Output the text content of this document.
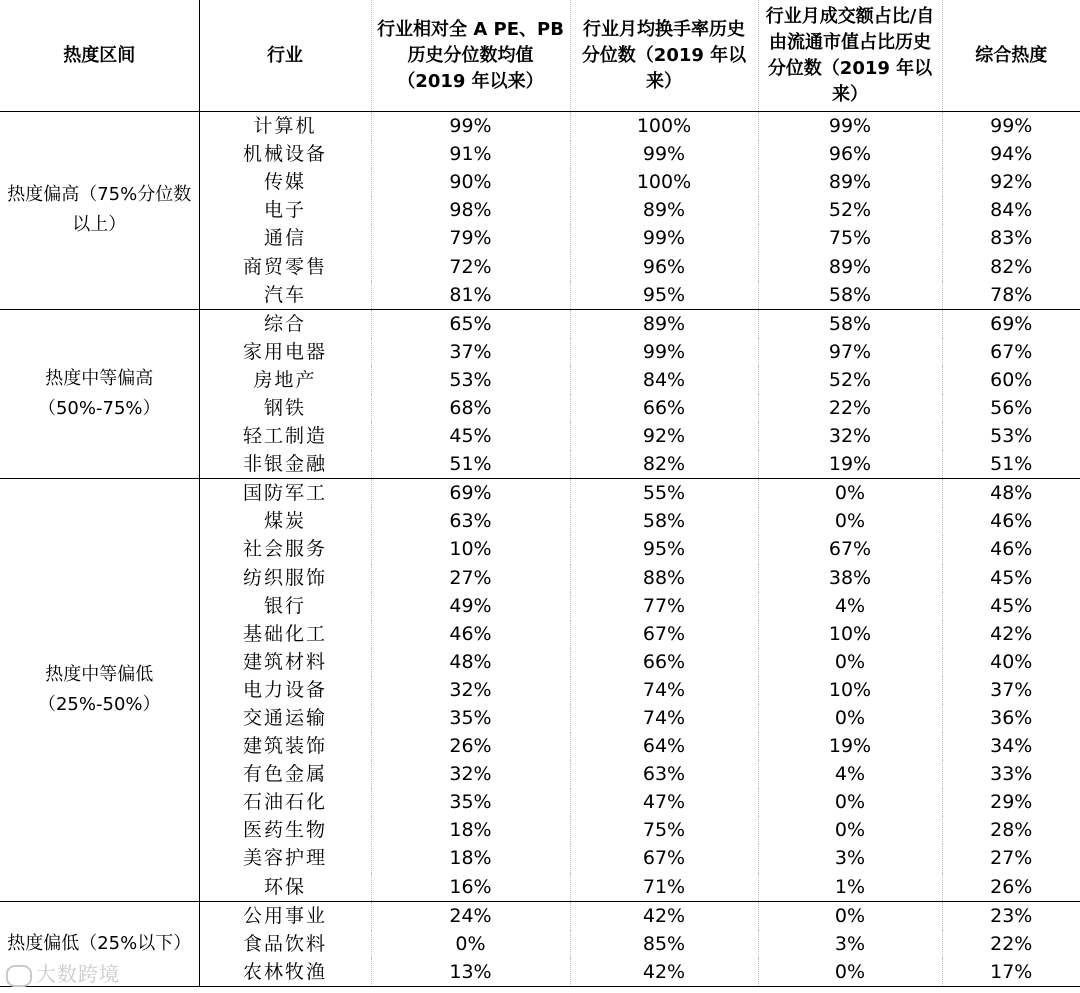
热度区间	行业	行业相对全 A PE、PB 历史分位数均值（2019 年以来）	行业月均换手率历史分位数（2019 年以来）	行业月成交额占比/自由流通市值占比历史分位数（2019 年以来）	综合热度
热度偏高（75%分位数以上）	计算机	99%	100%	99%	99%
	机械设备	91%	99%	96%	94%
	传媒	90%	100%	89%	92%
	电子	98%	89%	52%	84%
	通信	79%	99%	75%	83%
	商贸零售	72%	96%	89%	82%
	汽车	81%	95%	58%	78%
热度中等偏高（50%-75%）	综合	65%	89%	58%	69%
	家用电器	37%	99%	97%	67%
	房地产	53%	84%	52%	60%
	钢铁	68%	66%	22%	56%
	轻工制造	45%	92%	32%	53%
	非银金融	51%	82%	19%	51%
热度中等偏低（25%-50%）	国防军工	69%	55%	0%	48%
	煤炭	63%	58%	0%	46%
	社会服务	10%	95%	67%	46%
	纺织服饰	27%	88%	38%	45%
	银行	49%	77%	4%	45%
	基础化工	46%	67%	10%	42%
	建筑材料	48%	66%	0%	40%
	电力设备	32%	74%	10%	37%
	交通运输	35%	74%	0%	36%
	建筑装饰	26%	64%	19%	34%
	有色金属	32%	63%	4%	33%
	石油石化	35%	47%	0%	29%
	医药生物	18%	75%	0%	28%
	美容护理	18%	67%	3%	27%
	环保	16%	71%	1%	26%
热度偏低（25%以下）	公用事业	24%	42%	0%	23%
	食品饮料	0%	85%	3%	22%
	农林牧渔	13%	42%	0%	17%
大数跨境
